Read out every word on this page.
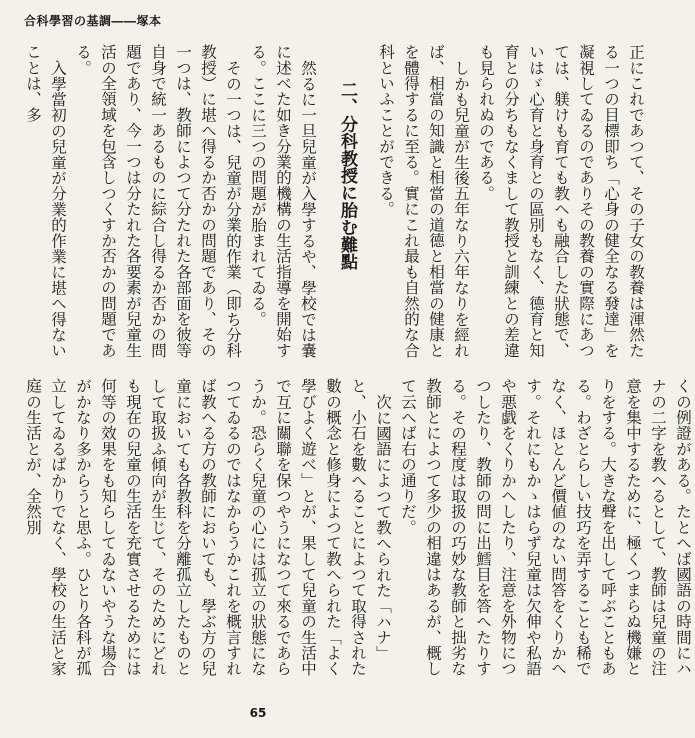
合科學習の基調――塚本

正にこれであつて、その子女の教養は渾然たる一つの目標即ち「心身の健全なる發達」を凝視してゐるのでありその教養の實際にあつては、躾けも育ても教へも融合した狀態で、いはゞ心育と身育との區別もなく、德育と知育との分ちもなくまして教授と訓練との差違も見られぬのである。

しかも兒童が生後五年なり六年なりを經れば、相當の知識と相當の道德と相當の健康とを體得するに至る。實にこれ最も自然的な合科といふことができる。

二、分科教授に胎む難點

然るに一旦兒童が入學するや、學校では嚢に述べた如き分業的機構の生活指導を開始する。ここに三つの問題が胎まれてゐる。

その一つは、兒童が分業的作業（即ち分科教授）に堪へ得るか否かの問題であり、その一つは、教師によつて分たれた各部面を彼等自身で統一あるものに綜合し得るか否かの問題であり、今一つは分たれた各要素が兒童生活の全領域を包含しつくすか否かの問題である。

入學當初の兒童が分業的作業に堪へ得ないことは、多

くの例證がある。たとへば國語の時間にハナの二字を教へるとして、教師は兒童の注意を集中するために、極くつまらぬ機嫌とりをする。大きな聲を出して呼ぶこともある。わざとらしい技巧を弄することも稀でなく、ほとんど價値のない問答をくりかへす。それにもかゝはらず兒童は欠伸や私語や悪戯をくりかへしたり、注意を外物につつしたり、教師の問に出鱈目を答へたりする。その程度は取扱の巧妙な教師と拙劣な教師とによつて多少の相違はあるが、概して云へば右の通りだ。

次に國語によつて教へられた「ハナ」と、小石を數へることによつて取得された數の概念と修身によつて教へられた「よく學びよく遊べ」とが、果して兒童の生活中で互に關聯を保つやうになつて來るであらうか。恐らく兒童の心には孤立の狀態になつてゐるのではなからうかこれを概言すれば教へる方の教師においても、學ぶ方の兒童においても各教科を分離孤立したものとして取扱ふ傾向が生じて、そのためにどれも現在の兒童の生活を充實させるためには何等の效果をも知らしてゐないやうな場合がかなり多からうと思ふ。ひとり各科が孤立してゐるばかりでなく、學校の生活と家庭の生活とが、全然別

65
